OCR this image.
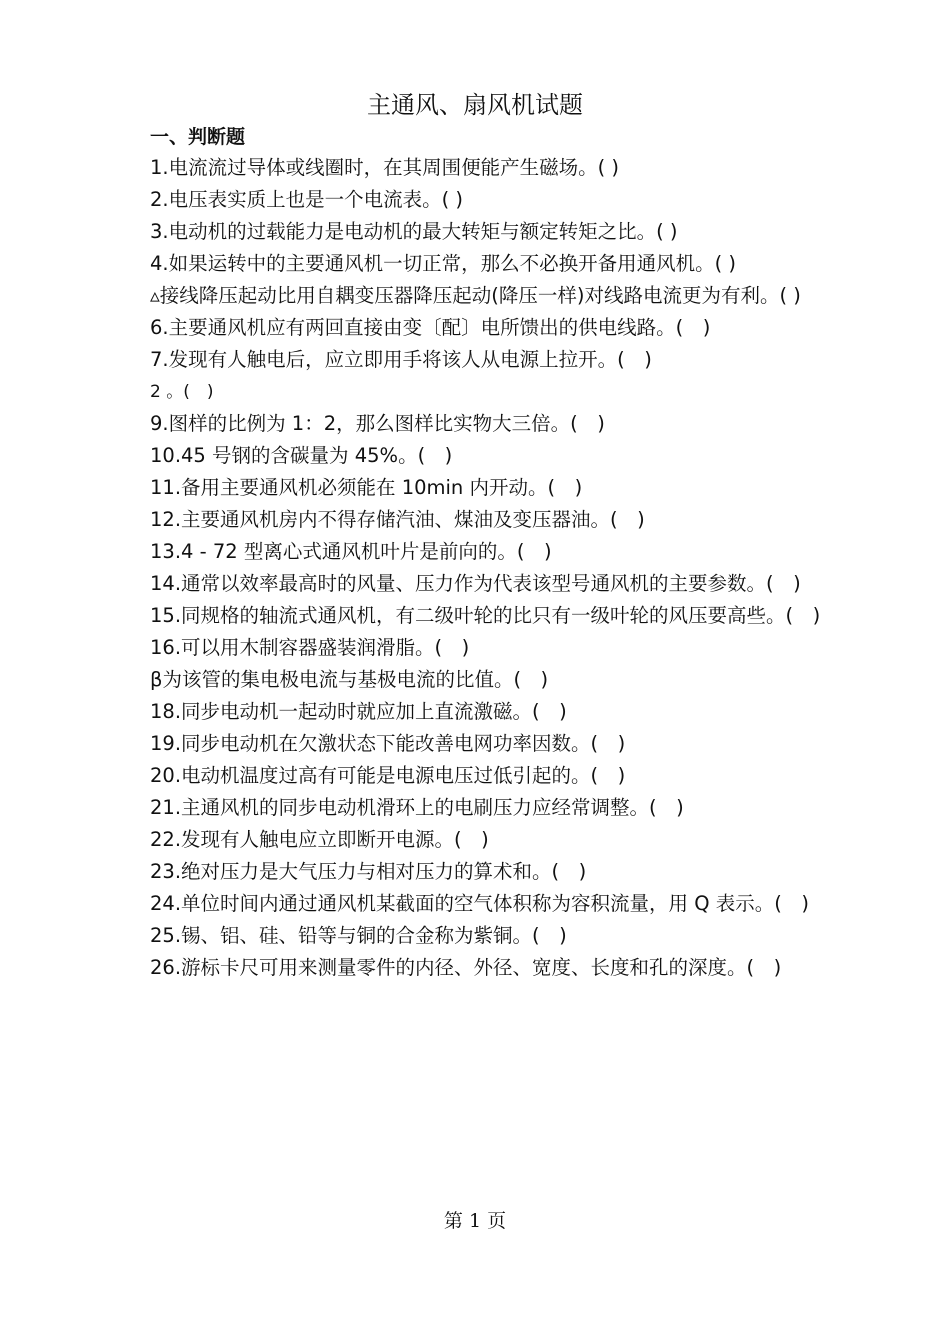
主通风、扇风机试题
一、判断题
1.电流流过导体或线圈时，在其周围便能产生磁场。( )
2.电压表实质上也是一个电流表。( )
3.电动机的过载能力是电动机的最大转矩与额定转矩之比。( )
4.如果运转中的主要通风机一切正常，那么不必换开备用通风机。( )
▵接线降压起动比用自耦变压器降压起动(降压一样)对线路电流更为有利。( )
6.主要通风机应有两回直接由变〔配〕电所馈出的供电线路。(　)
7.发现有人触电后，应立即用手将该人从电源上拉开。(　)
2 。(　)
9.图样的比例为 1：2，那么图样比实物大三倍。(　)
10.45 号钢的含碳量为 45%。(　)
11.备用主要通风机必须能在 10min 内开动。(　)
12.主要通风机房内不得存储汽油、煤油及变压器油。(　)
13.4 - 72 型离心式通风机叶片是前向的。(　)
14.通常以效率最高时的风量、压力作为代表该型号通风机的主要参数。(　)
15.同规格的轴流式通风机，有二级叶轮的比只有一级叶轮的风压要高些。(　)
16.可以用木制容器盛装润滑脂。(　)
β为该管的集电极电流与基极电流的比值。(　)
18.同步电动机一起动时就应加上直流激磁。(　)
19.同步电动机在欠激状态下能改善电网功率因数。(　)
20.电动机温度过高有可能是电源电压过低引起的。(　)
21.主通风机的同步电动机滑环上的电刷压力应经常调整。(　)
22.发现有人触电应立即断开电源。(　)
23.绝对压力是大气压力与相对压力的算术和。(　)
24.单位时间内通过通风机某截面的空气体积称为容积流量，用 Q 表示。(　)
25.锡、铝、硅、铅等与铜的合金称为紫铜。(　)
26.游标卡尺可用来测量零件的内径、外径、宽度、长度和孔的深度。(　)
第 1 页
